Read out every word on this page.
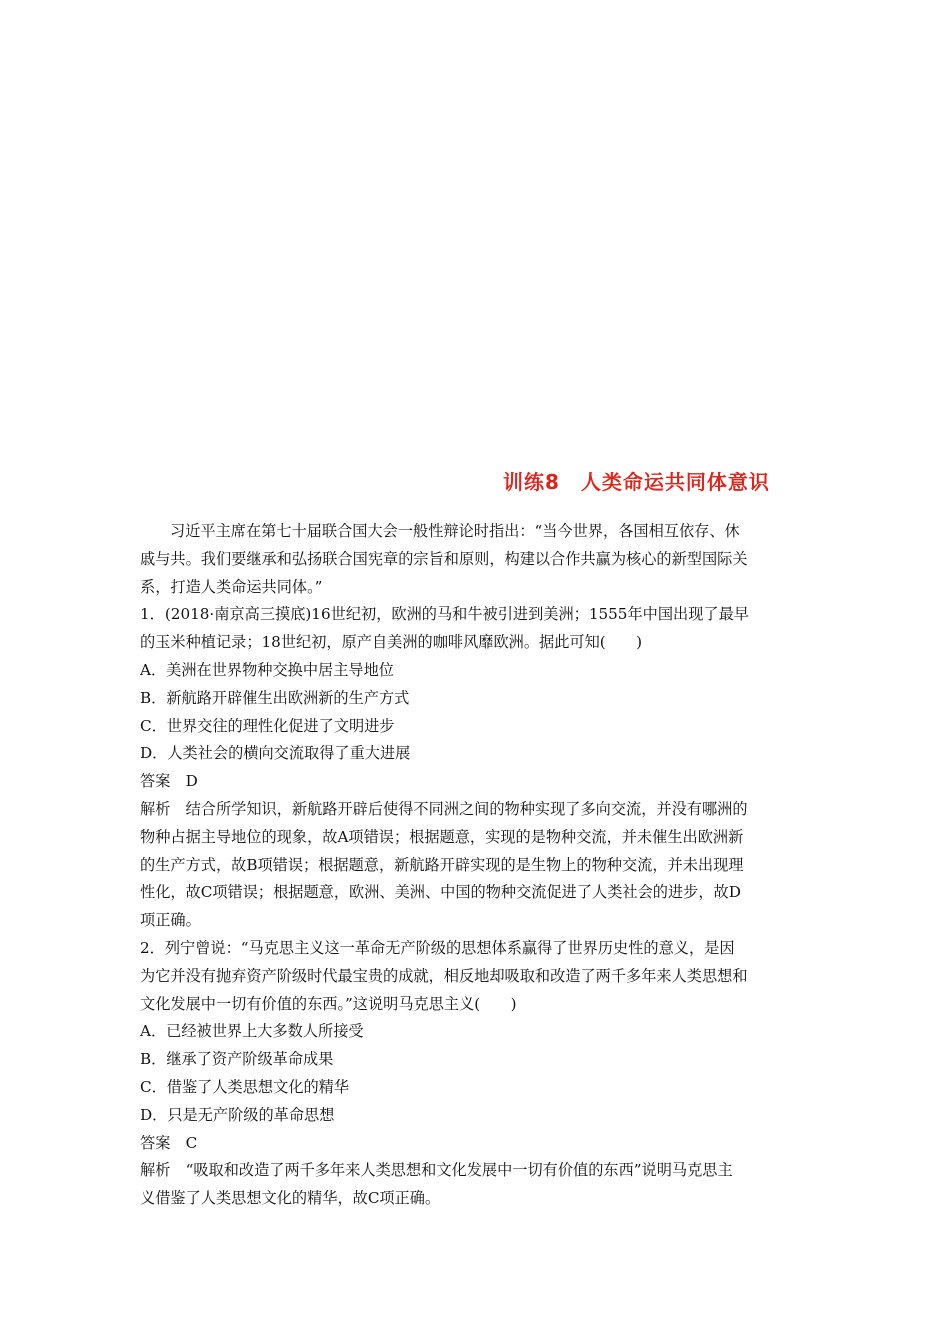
训练8　人类命运共同体意识
习近平主席在第七十届联合国大会一般性辩论时指出：“当今世界，各国相互依存、休
戚与共。我们要继承和弘扬联合国宪章的宗旨和原则，构建以合作共赢为核心的新型国际关
系，打造人类命运共同体。”
1．(2018·南京高三摸底)16世纪初，欧洲的马和牛被引进到美洲；1555年中国出现了最早
的玉米种植记录；18世纪初，原产自美洲的咖啡风靡欧洲。据此可知(　　)
A．美洲在世界物种交换中居主导地位
B．新航路开辟催生出欧洲新的生产方式
C．世界交往的理性化促进了文明进步
D．人类社会的横向交流取得了重大进展
答案　D
解析　结合所学知识，新航路开辟后使得不同洲之间的物种实现了多向交流，并没有哪洲的
物种占据主导地位的现象，故A项错误；根据题意，实现的是物种交流，并未催生出欧洲新
的生产方式，故B项错误；根据题意，新航路开辟实现的是生物上的物种交流，并未出现理
性化，故C项错误；根据题意，欧洲、美洲、中国的物种交流促进了人类社会的进步，故D
项正确。
2．列宁曾说：“马克思主义这一革命无产阶级的思想体系赢得了世界历史性的意义，是因
为它并没有抛弃资产阶级时代最宝贵的成就，相反地却吸取和改造了两千多年来人类思想和
文化发展中一切有价值的东西。”这说明马克思主义(　　)
A．已经被世界上大多数人所接受
B．继承了资产阶级革命成果
C．借鉴了人类思想文化的精华
D．只是无产阶级的革命思想
答案　C
解析　“吸取和改造了两千多年来人类思想和文化发展中一切有价值的东西”说明马克思主
义借鉴了人类思想文化的精华，故C项正确。
